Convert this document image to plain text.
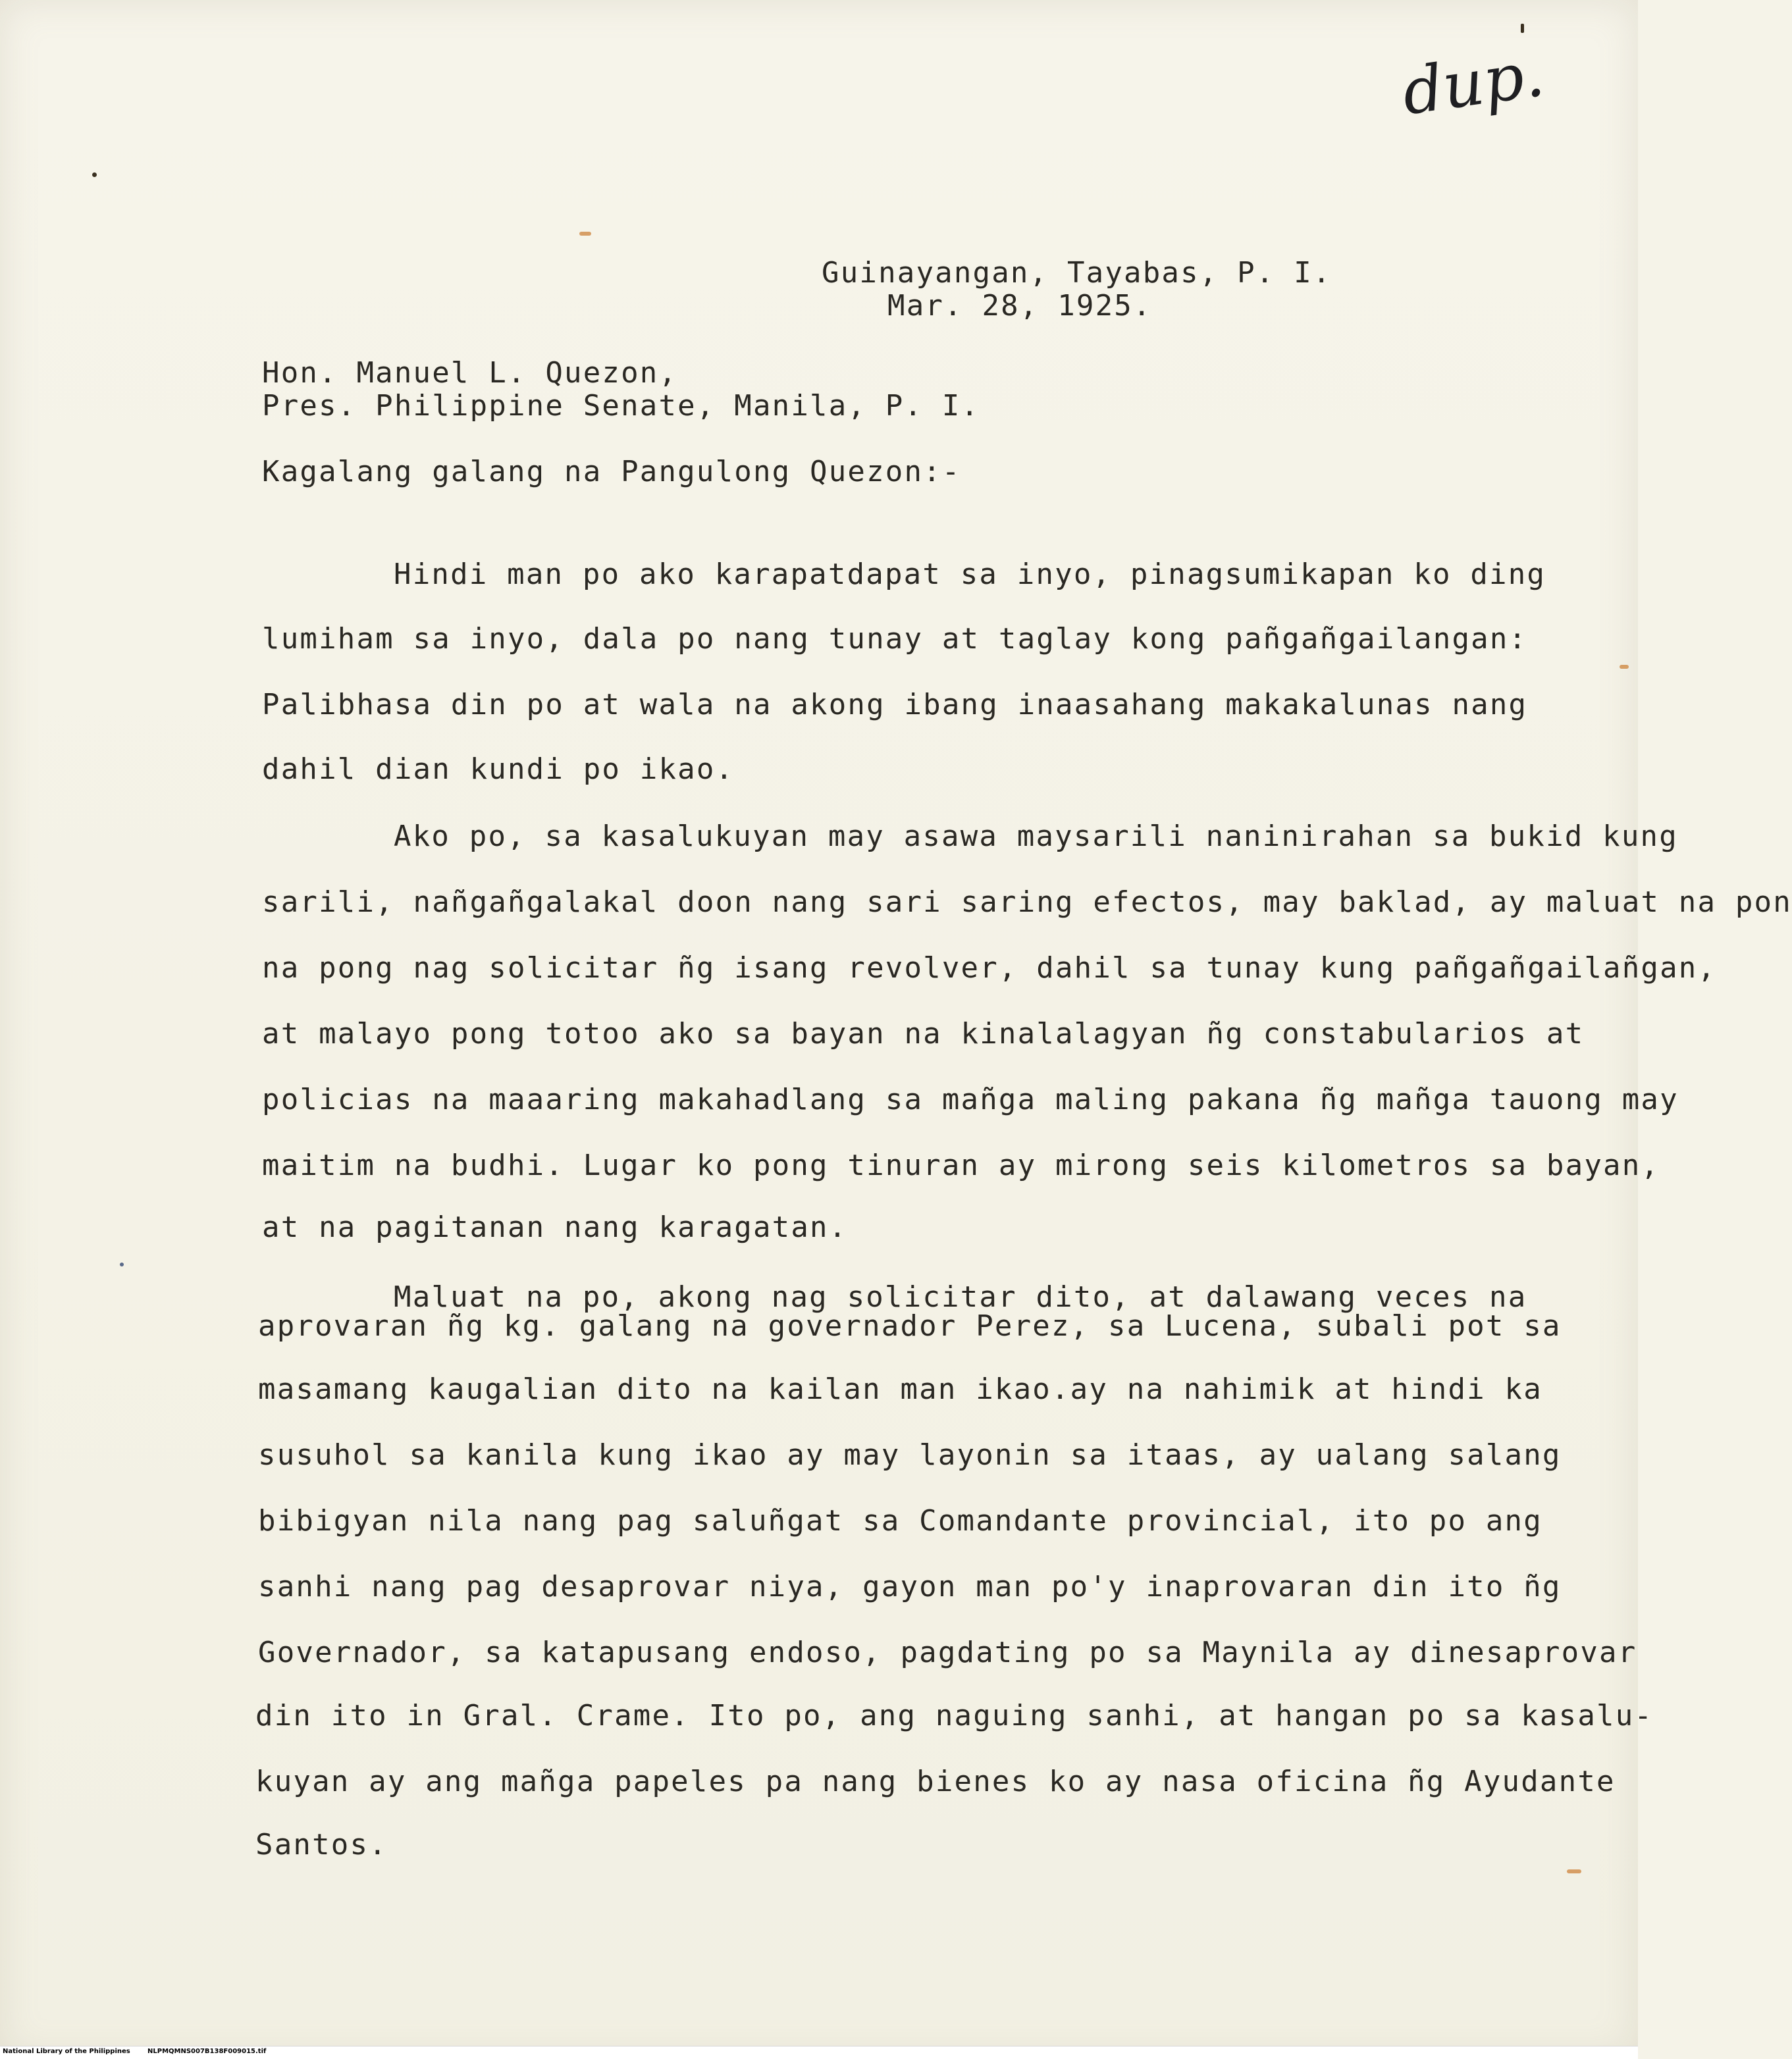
dup.
Guinayangan, Tayabas, P. I.
Mar. 28, 1925.
Hon. Manuel L. Quezon,
Pres. Philippine Senate, Manila, P. I.
Kagalang galang na Pangulong Quezon:-
Hindi man po ako karapatdapat sa inyo, pinagsumikapan ko ding
lumiham sa inyo, dala po nang tunay at taglay kong pañgañgailangan:
Palibhasa din po at wala na akong ibang inaasahang makakalunas nang
dahil dian kundi po ikao.
Ako po, sa kasalukuyan may asawa maysarili naninirahan sa bukid kung
sarili, nañgañgalakal doon nang sari saring efectos, may baklad, ay maluat na pon
na pong nag solicitar ñg isang revolver, dahil sa tunay kung pañgañgailañgan,
at malayo pong totoo ako sa bayan na kinalalagyan ñg constabularios at
policias na maaaring makahadlang sa mañga maling pakana ñg mañga tauong may
maitim na budhi. Lugar ko pong tinuran ay mirong seis kilometros sa bayan,
at na pagitanan nang karagatan.
Maluat na po, akong nag solicitar dito, at dalawang veces na
aprovaran ñg kg. galang na governador Perez, sa Lucena, subali pot sa
masamang kaugalian dito na kailan man ikao.ay na nahimik at hindi ka
susuhol sa kanila kung ikao ay may layonin sa itaas, ay ualang salang
bibigyan nila nang pag saluñgat sa Comandante provincial, ito po ang
sanhi nang pag desaprovar niya, gayon man po'y inaprovaran din ito ñg
Governador, sa katapusang endoso, pagdating po sa Maynila ay dinesaprovar
din ito in Gral. Crame. Ito po, ang naguing sanhi, at hangan po sa kasalu-
kuyan ay ang mañga papeles pa nang bienes ko ay nasa oficina ñg Ayudante
Santos.
National Library of the Philippines	NLPMQMNS007B138F009015.tif
